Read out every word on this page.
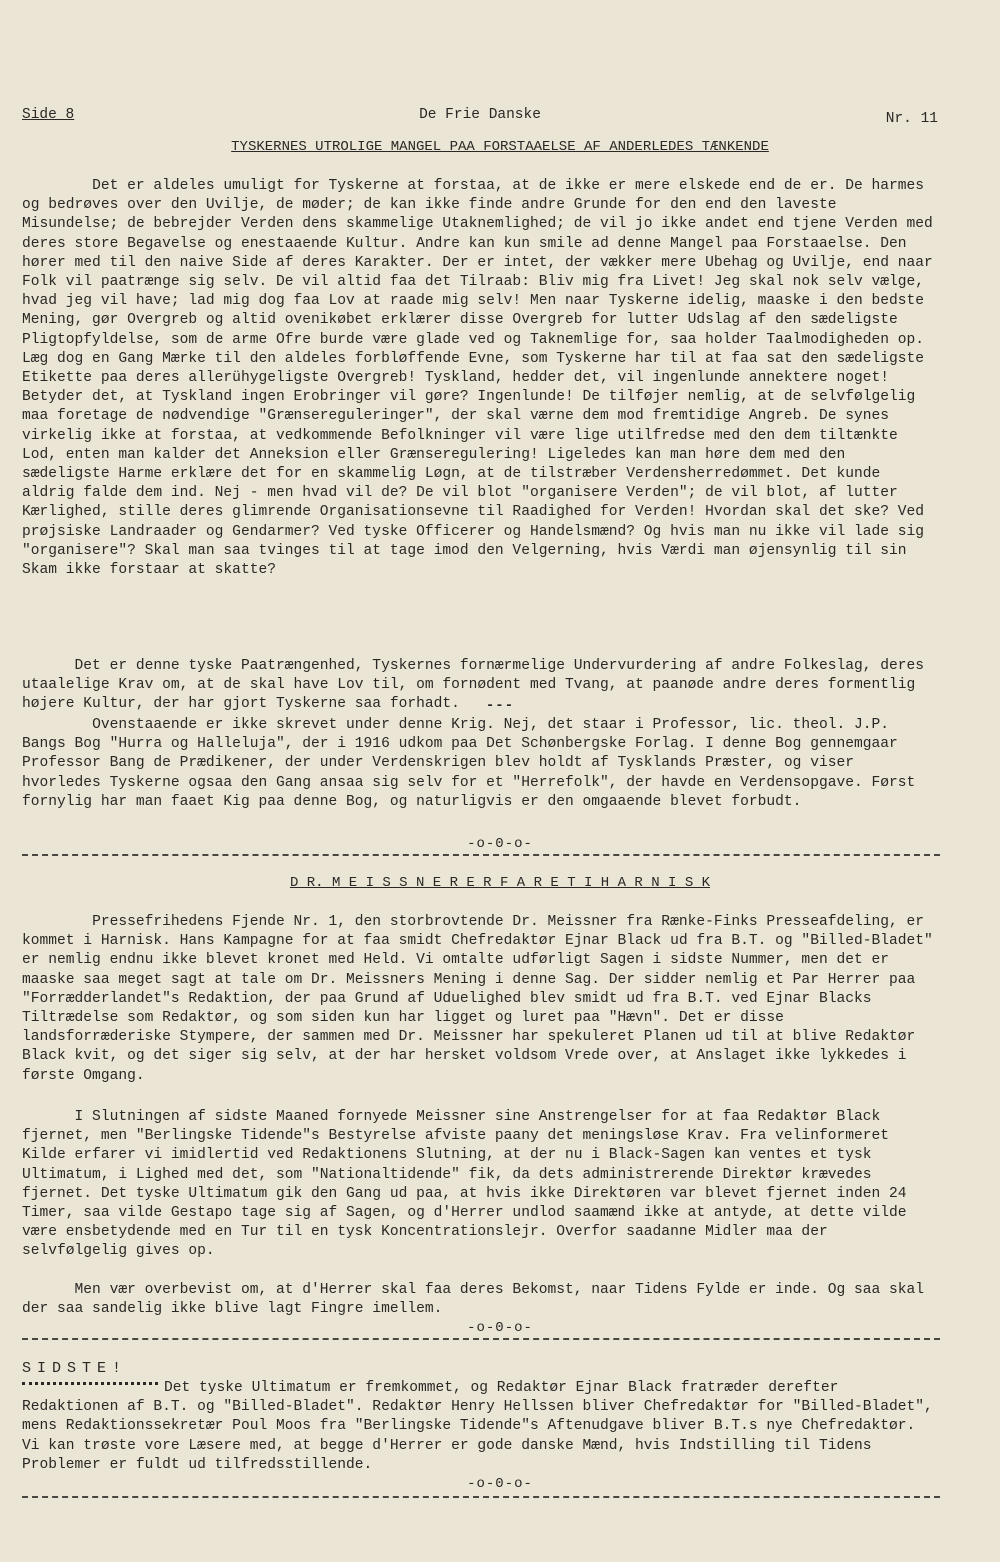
Side 8	De Frie Danske	Nr. 11
TYSKERNES UTROLIGE MANGEL PAA FORSTAAELSE AF ANDERLEDES TÆNKENDE
Det er aldeles umuligt for Tyskerne at forstaa, at de ikke er mere elskede end de er. De harmes og bedrøves over den Uvilje, de møder; de kan ikke finde andre Grunde for den end den laveste Misundelse; de bebrejder Verden dens skammelige Utaknemlighed; de vil jo ikke andet end tjene Verden med deres store Begavelse og enestaaende Kultur. Andre kan kun smile ad denne Mangel paa Forstaaelse. Den hører med til den naive Side af deres Karakter. Der er intet, der vækker mere Ubehag og Uvilje, end naar Folk vil paatrænge sig selv. De vil altid faa det Tilraab: Bliv mig fra Livet! Jeg skal nok selv vælge, hvad jeg vil have; lad mig dog faa Lov at raade mig selv! Men naar Tyskerne idelig, maaske i den bedste Mening, gør Overgreb og altid ovenikøbet erklærer disse Overgreb for lutter Udslag af den sædeligste Pligtopfyldelse, som de arme Ofre burde være glade ved og Taknemlige for, saa holder Taalmodigheden op. Læg dog en Gang Mærke til den aldeles forbløffende Evne, som Tyskerne har til at faa sat den sædeligste Etikette paa deres allerühygeligste Overgreb! Tyskland, hedder det, vil ingenlunde annektere noget! Betyder det, at Tyskland ingen Erobringer vil gøre? Ingenlunde! De tilføjer nemlig, at de selvfølgelig maa foretage de nødvendige "Grænsereguleringer", der skal værne dem mod fremtidige Angreb. De synes virkelig ikke at forstaa, at vedkommende Befolkninger vil være lige utilfredse med den dem tiltænkte Lod, enten man kalder det Anneksion eller Grænseregulering! Ligeledes kan man høre dem med den sædeligste Harme erklære det for en skammelig Løgn, at de tilstræber Verdensherredømmet. Det kunde aldrig falde dem ind. Nej - men hvad vil de? De vil blot "organisere Verden"; de vil blot, af lutter Kærlighed, stille deres glimrende Organisationsevne til Raadighed for Verden! Hvordan skal det ske? Ved prøjsiske Landraader og Gendarmer? Ved tyske Officerer og Handelsmænd? Og hvis man nu ikke vil lade sig "organisere"? Skal man saa tvinges til at tage imod den Velgerning, hvis Værdi man øjensynlig til sin Skam ikke forstaar at skatte?
Det er denne tyske Paatrængenhed, Tyskernes fornærmelige Undervurdering af andre Folkeslag, deres utaalelige Krav om, at de skal have Lov til, om fornødent med Tvang, at paanøde andre deres formentlig højere Kultur, der har gjort Tyskerne saa forhadt.	---
Ovenstaaende er ikke skrevet under denne Krig. Nej, det staar i Professor, lic. theol. J.P. Bangs Bog "Hurra og Halleluja", der i 1916 udkom paa Det Schønbergske Forlag. I denne Bog gennemgaar Professor Bang de Prædikener, der under Verdenskrigen blev holdt af Tysklands Præster, og viser hvorledes Tyskerne ogsaa den Gang ansaa sig selv for et "Herrefolk", der havde en Verdensopgave. Først fornylig har man faaet Kig paa denne Bog, og naturligvis er den omgaaende blevet forbudt.
-o-0-o-
D R. M E I S S N E R E R F A R E T I H A R N I S K
Pressefrihedens Fjende Nr. 1, den storbrovtende Dr. Meissner fra Rænke-Finks Presseafdeling, er kommet i Harnisk. Hans Kampagne for at faa smidt Chefredaktør Ejnar Black ud fra B.T. og "Billed-Bladet" er nemlig endnu ikke blevet kronet med Held. Vi omtalte udførligt Sagen i sidste Nummer, men det er maaske saa meget sagt at tale om Dr. Meissners Mening i denne Sag. Der sidder nemlig et Par Herrer paa "Forrædderlandet"s Redaktion, der paa Grund af Uduelighed blev smidt ud fra B.T. ved Ejnar Blacks Tiltrædelse som Redaktør, og som siden kun har ligget og luret paa "Hævn". Det er disse landsforræderiske Stympere, der sammen med Dr. Meissner har spekuleret Planen ud til at blive Redaktør Black kvit, og det siger sig selv, at der har hersket voldsom Vrede over, at Anslaget ikke lykkedes i første Omgang.
I Slutningen af sidste Maaned fornyede Meissner sine Anstrengelser for at faa Redaktør Black fjernet, men "Berlingske Tidende"s Bestyrelse afviste paany det meningsløse Krav. Fra velinformeret Kilde erfarer vi imidlertid ved Redaktionens Slutning, at der nu i Black-Sagen kan ventes et tysk Ultimatum, i Lighed med det, som "Nationaltidende" fik, da dets administrerende Direktør krævedes fjernet. Det tyske Ultimatum gik den Gang ud paa, at hvis ikke Direktøren var blevet fjernet inden 24 Timer, saa vilde Gestapo tage sig af Sagen, og d'Herrer undlod saamænd ikke at antyde, at dette vilde være ensbetydende med en Tur til en tysk Koncentrationslejr. Overfor saadanne Midler maa der selvfølgelig gives op.
Men vær overbevist om, at d'Herrer skal faa deres Bekomst, naar Tidens Fylde er inde. Og saa skal der saa sandelig ikke blive lagt Fingre imellem.
-o-0-o-
SIDSTE!
Det tyske Ultimatum er fremkommet, og Redaktør Ejnar Black fratræder derefter Redaktionen af B.T. og "Billed-Bladet". Redaktør Henry Hellssen bliver Chefredaktør for "Billed-Bladet", mens Redaktionssekretær Poul Moos fra "Berlingske Tidende"s Aftenudgave bliver B.T.s nye Chefredaktør. Vi kan trøste vore Læsere med, at begge d'Herrer er gode danske Mænd, hvis Indstilling til Tidens Problemer er fuldt ud tilfredsstillende.
-o-0-o-
